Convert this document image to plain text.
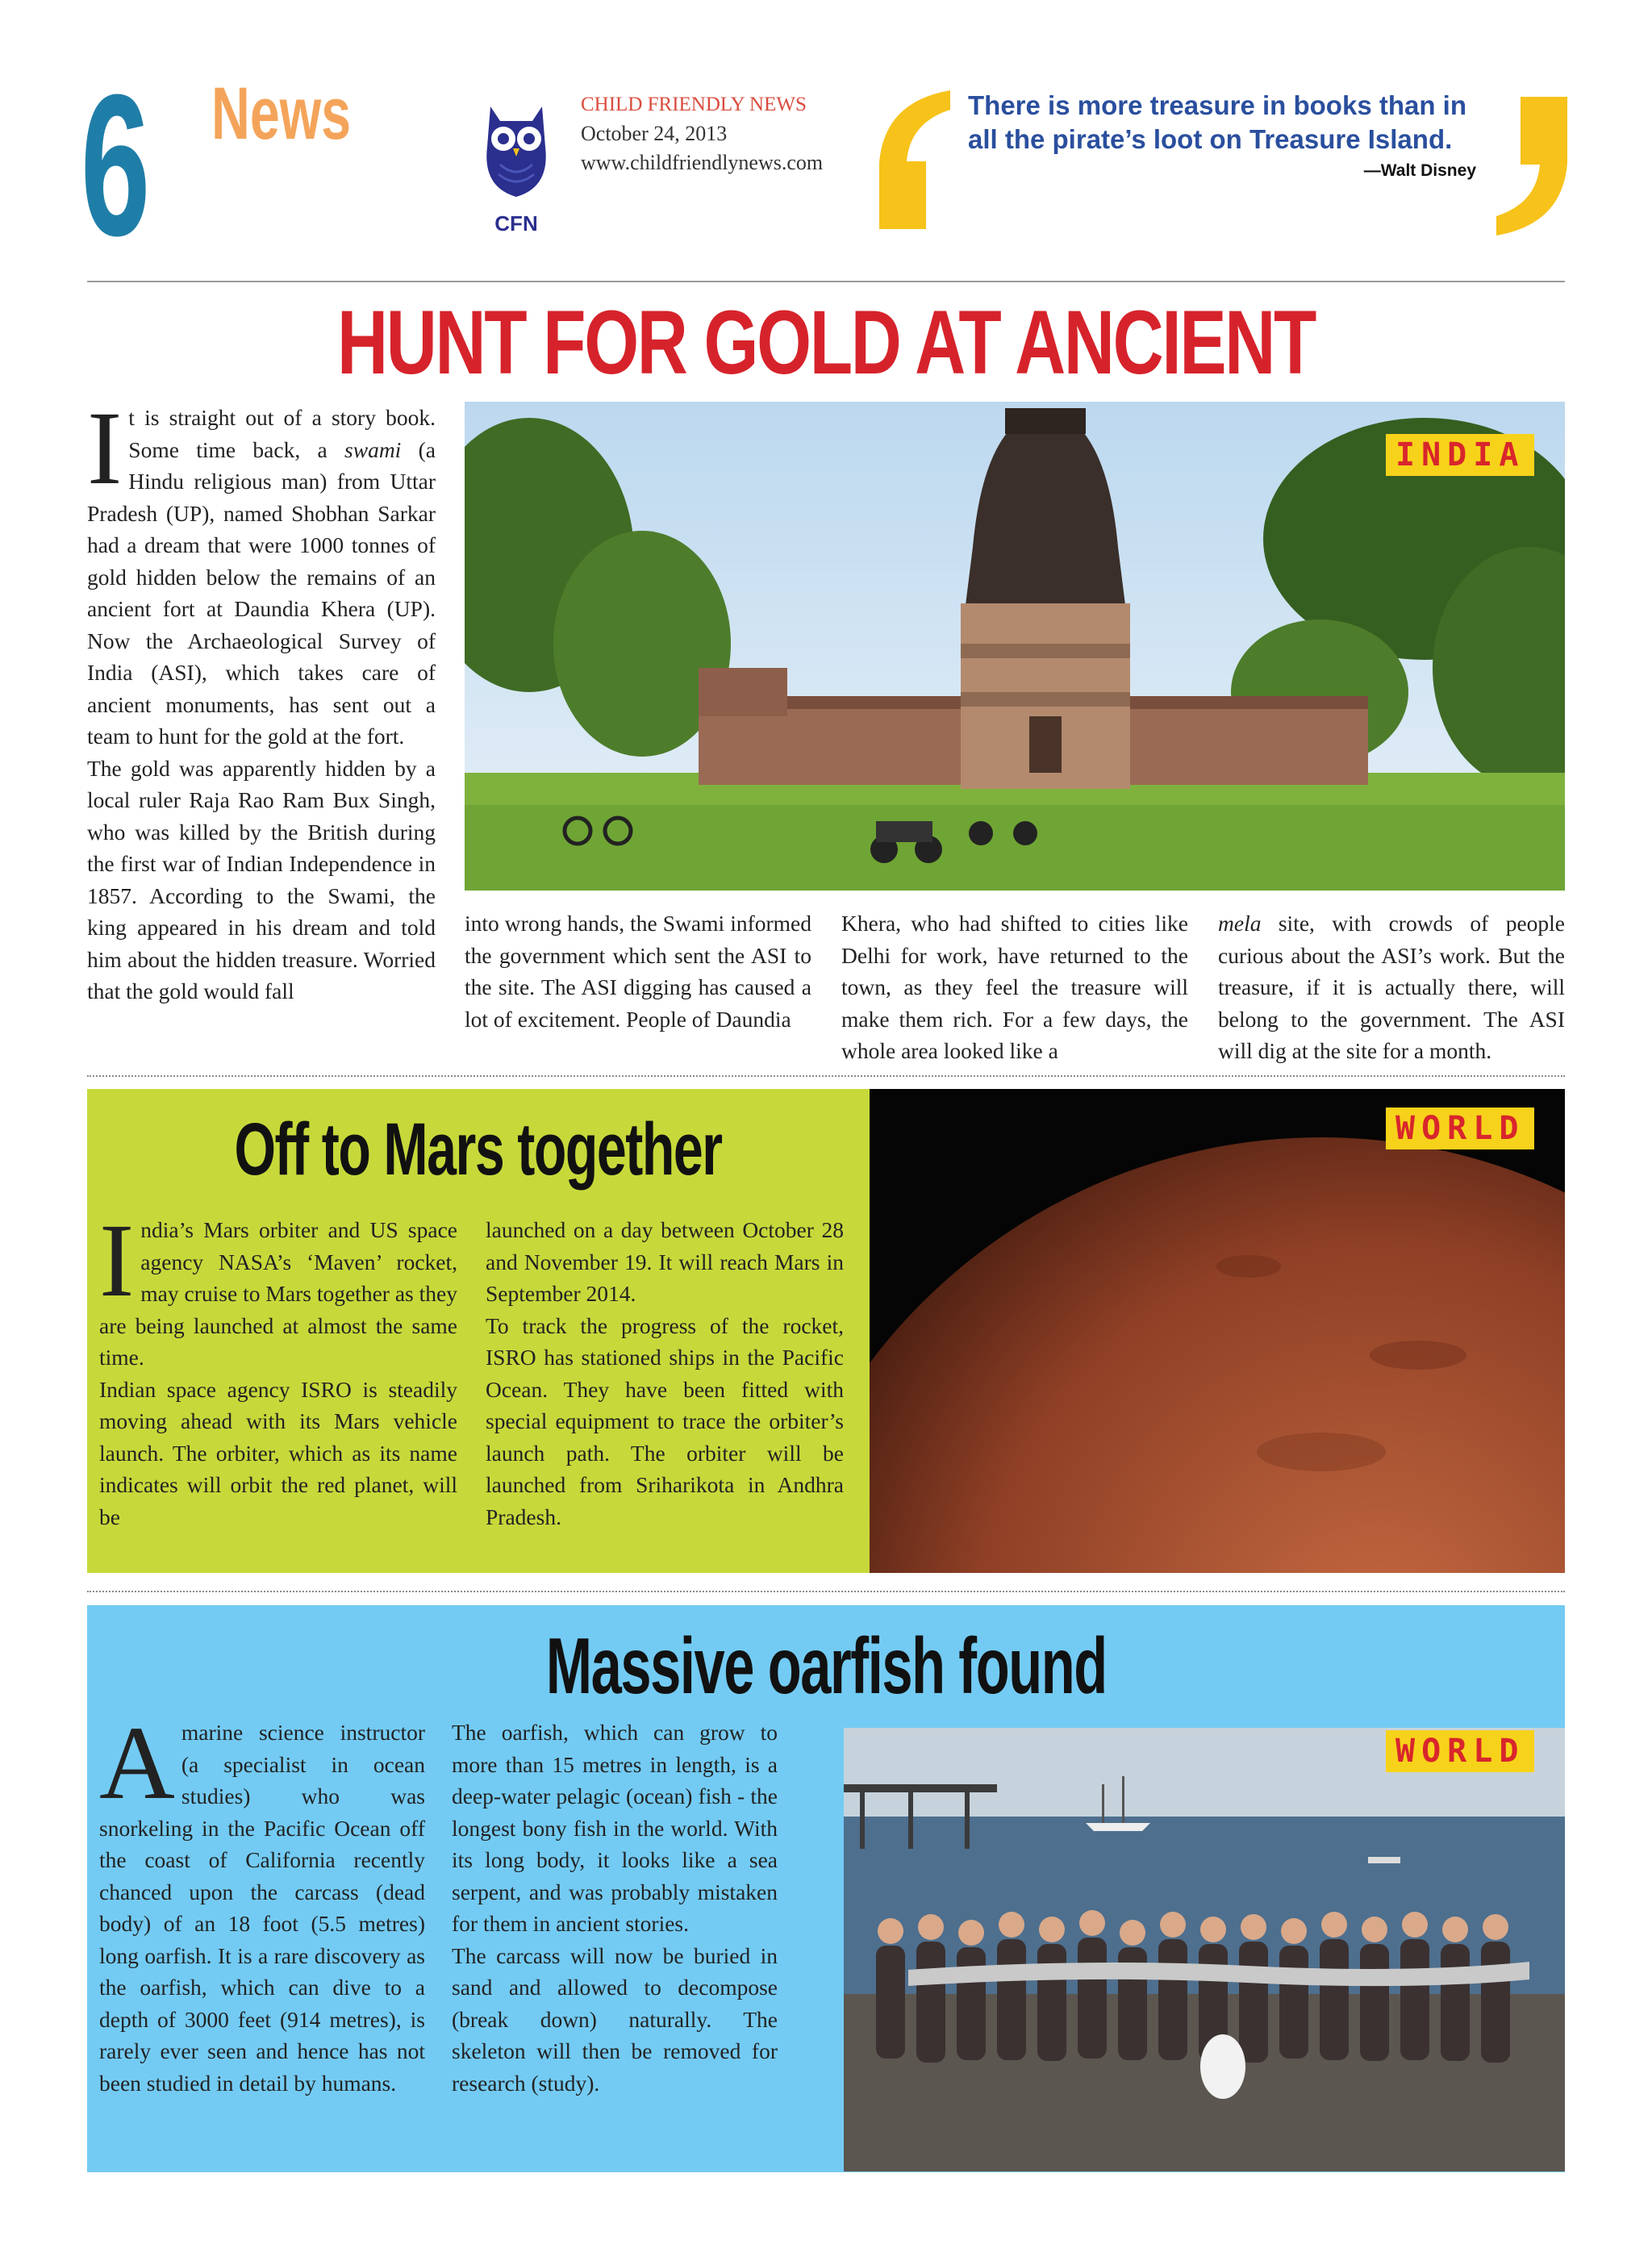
6 News
CFN
CHILD FRIENDLY NEWS
October 24, 2013
www.childfriendlynews.com
There is more treasure in books than in all the pirate’s loot on Treasure Island.
—Walt Disney
HUNT FOR GOLD AT ANCIENT
It is straight out of a story book. Some time back, a swami (a Hindu religious man) from Uttar Pradesh (UP), named Shobhan Sarkar had a dream that were 1000 tonnes of gold hidden below the remains of an ancient fort at Daundia Khera (UP). Now the Archaeological Survey of India (ASI), which takes care of ancient monuments, has sent out a team to hunt for the gold at the fort.
The gold was apparently hidden by a local ruler Raja Rao Ram Bux Singh, who was killed by the British during the first war of Indian Independence in 1857. According to the Swami, the king appeared in his dream and told him about the hidden treasure. Worried that the gold would fall
INDIA
into wrong hands, the Swami informed the government which sent the ASI to the site. The ASI digging has caused a lot of excitement. People of Daundia
Khera, who had shifted to cities like Delhi for work, have returned to the town, as they feel the treasure will make them rich. For a few days, the whole area looked like a
mela site, with crowds of people curious about the ASI’s work. But the treasure, if it is actually there, will belong to the government. The ASI will dig at the site for a month.
Off to Mars together
India’s Mars orbiter and US space agency NASA’s ‘Maven’ rocket, may cruise to Mars together as they are being launched at almost the same time.
Indian space agency ISRO is steadily moving ahead with its Mars vehicle launch. The orbiter, which as its name indicates will orbit the red planet, will be
launched on a day between October 28 and November 19. It will reach Mars in September 2014.
To track the progress of the rocket, ISRO has stationed ships in the Pacific Ocean. They have been fitted with special equipment to trace the orbiter’s launch path. The orbiter will be launched from Sriharikota in Andhra Pradesh.
WORLD
Massive oarfish found
Amarine science instructor (a specialist in ocean studies) who was snorkeling in the Pacific Ocean off the coast of California recently chanced upon the carcass (dead body) of an 18 foot (5.5 metres) long oarfish. It is a rare discovery as the oarfish, which can dive to a depth of 3000 feet (914 metres), is rarely ever seen and hence has not been studied in detail by humans.
The oarfish, which can grow to more than 15 metres in length, is a deep-water pelagic (ocean) fish - the longest bony fish in the world. With its long body, it looks like a sea serpent, and was probably mistaken for them in ancient stories.
The carcass will now be buried in sand and allowed to decompose (break down) naturally. The skeleton will then be removed for research (study).
WORLD
